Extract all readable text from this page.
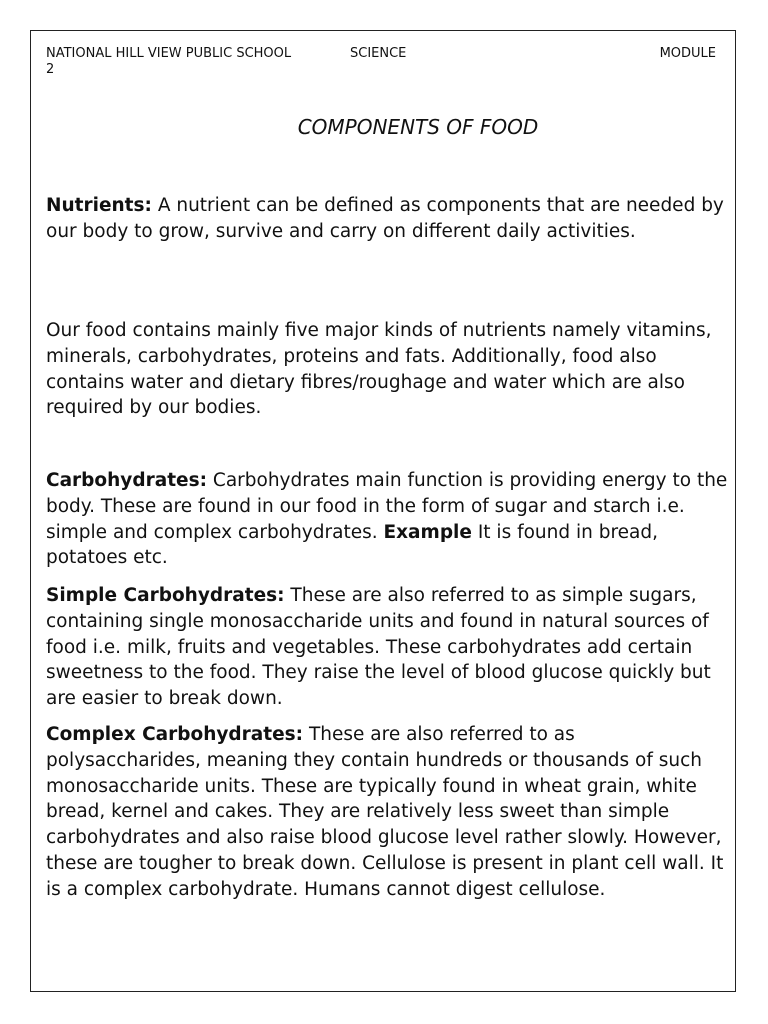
NATIONAL HILL VIEW PUBLIC SCHOOL	SCIENCE	MODULE
2
COMPONENTS OF FOOD

Nutrients: A nutrient can be defined as components that are needed by our body to grow, survive and carry on different daily activities.

Our food contains mainly five major kinds of nutrients namely vitamins, minerals, carbohydrates, proteins and fats. Additionally, food also contains water and dietary fibres/roughage and water which are also required by our bodies.

Carbohydrates: Carbohydrates main function is providing energy to the body. These are found in our food in the form of sugar and starch i.e. simple and complex carbohydrates. Example It is found in bread, potatoes etc.

Simple Carbohydrates: These are also referred to as simple sugars, containing single monosaccharide units and found in natural sources of food i.e. milk, fruits and vegetables. These carbohydrates add certain sweetness to the food. They raise the level of blood glucose quickly but are easier to break down.

Complex Carbohydrates: These are also referred to as polysaccharides, meaning they contain hundreds or thousands of such monosaccharide units. These are typically found in wheat grain, white bread, kernel and cakes. They are relatively less sweet than simple carbohydrates and also raise blood glucose level rather slowly. However, these are tougher to break down. Cellulose is present in plant cell wall. It is a complex carbohydrate. Humans cannot digest cellulose.
